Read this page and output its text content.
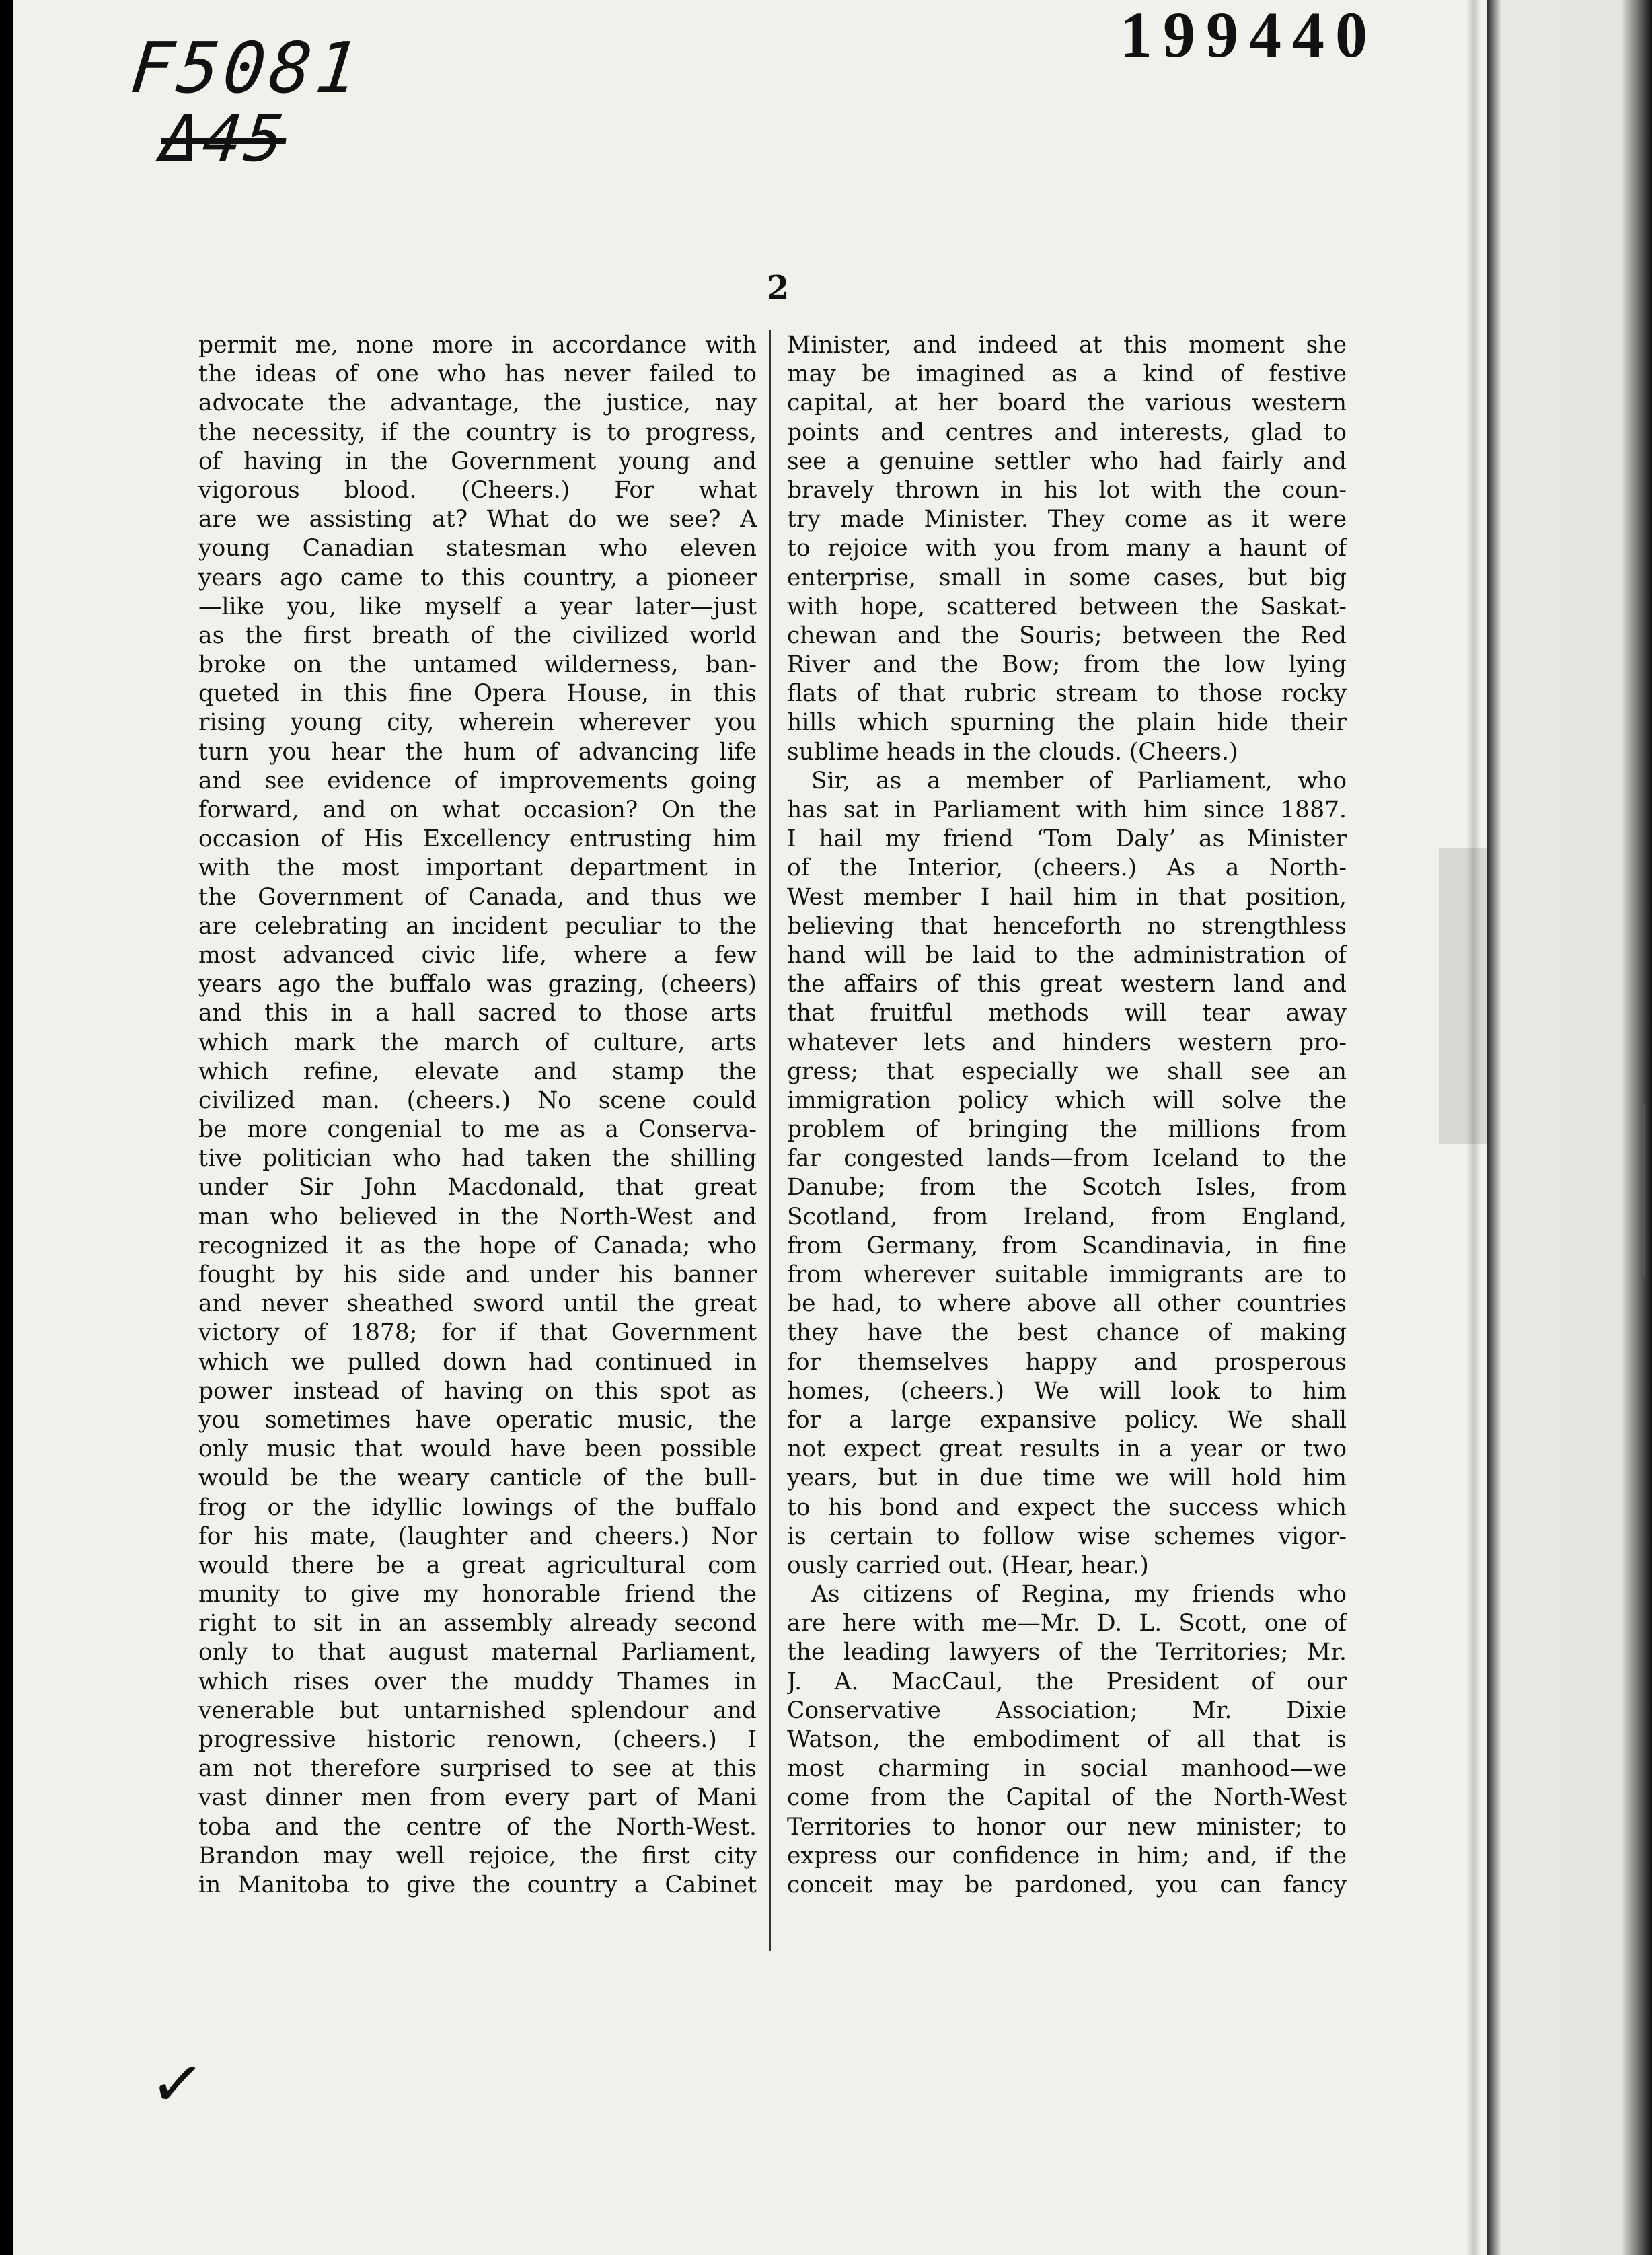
F5081
Δ45
199440
2
permit me, none more in accordance with
the ideas of one who has never failed to
advocate the advantage, the justice, nay
the necessity, if the country is to progress,
of having in the Government young and
vigorous blood. (Cheers.) For what
are we assisting at? What do we see? A
young Canadian statesman who eleven
years ago came to this country, a pioneer
—like you, like myself a year later—just
as the first breath of the civilized world
broke on the untamed wilderness, ban-
queted in this fine Opera House, in this
rising young city, wherein wherever you
turn you hear the hum of advancing life
and see evidence of improvements going
forward, and on what occasion? On the
occasion of His Excellency entrusting him
with the most important department in
the Government of Canada, and thus we
are celebrating an incident peculiar to the
most advanced civic life, where a few
years ago the buffalo was grazing, (cheers)
and this in a hall sacred to those arts
which mark the march of culture, arts
which refine, elevate and stamp the
civilized man. (cheers.) No scene could
be more congenial to me as a Conserva-
tive politician who had taken the shilling
under Sir John Macdonald, that great
man who believed in the North-West and
recognized it as the hope of Canada; who
fought by his side and under his banner
and never sheathed sword until the great
victory of 1878; for if that Government
which we pulled down had continued in
power instead of having on this spot as
you sometimes have operatic music, the
only music that would have been possible
would be the weary canticle of the bull-
frog or the idyllic lowings of the buffalo
for his mate, (laughter and cheers.) Nor
would there be a great agricultural com
munity to give my honorable friend the
right to sit in an assembly already second
only to that august maternal Parliament,
which rises over the muddy Thames in
venerable but untarnished splendour and
progressive historic renown, (cheers.) I
am not therefore surprised to see at this
vast dinner men from every part of Mani
toba and the centre of the North-West.
Brandon may well rejoice, the first city
in Manitoba to give the country a Cabinet
Minister, and indeed at this moment she
may be imagined as a kind of festive
capital, at her board the various western
points and centres and interests, glad to
see a genuine settler who had fairly and
bravely thrown in his lot with the coun-
try made Minister. They come as it were
to rejoice with you from many a haunt of
enterprise, small in some cases, but big
with hope, scattered between the Saskat-
chewan and the Souris; between the Red
River and the Bow; from the low lying
flats of that rubric stream to those rocky
hills which spurning the plain hide their
sublime heads in the clouds. (Cheers.)
Sir, as a member of Parliament, who
has sat in Parliament with him since 1887.
I hail my friend ‘Tom Daly’ as Minister
of the Interior, (cheers.) As a North-
West member I hail him in that position,
believing that henceforth no strengthless
hand will be laid to the administration of
the affairs of this great western land and
that fruitful methods will tear away
whatever lets and hinders western pro-
gress; that especially we shall see an
immigration policy which will solve the
problem of bringing the millions from
far congested lands—from Iceland to the
Danube; from the Scotch Isles, from
Scotland, from Ireland, from England,
from Germany, from Scandinavia, in fine
from wherever suitable immigrants are to
be had, to where above all other countries
they have the best chance of making
for themselves happy and prosperous
homes, (cheers.) We will look to him
for a large expansive policy. We shall
not expect great results in a year or two
years, but in due time we will hold him
to his bond and expect the success which
is certain to follow wise schemes vigor-
ously carried out. (Hear, hear.)
As citizens of Regina, my friends who
are here with me—Mr. D. L. Scott, one of
the leading lawyers of the Territories; Mr.
J. A. MacCaul, the President of our
Conservative Association; Mr. Dixie
Watson, the embodiment of all that is
most charming in social manhood—we
come from the Capital of the North-West
Territories to honor our new minister; to
express our confidence in him; and, if the
conceit may be pardoned, you can fancy
✓
